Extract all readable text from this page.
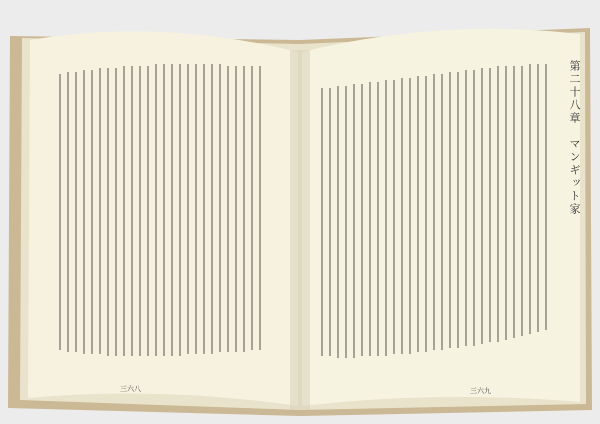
第二十八章　マンギット家
三六八	三六九
